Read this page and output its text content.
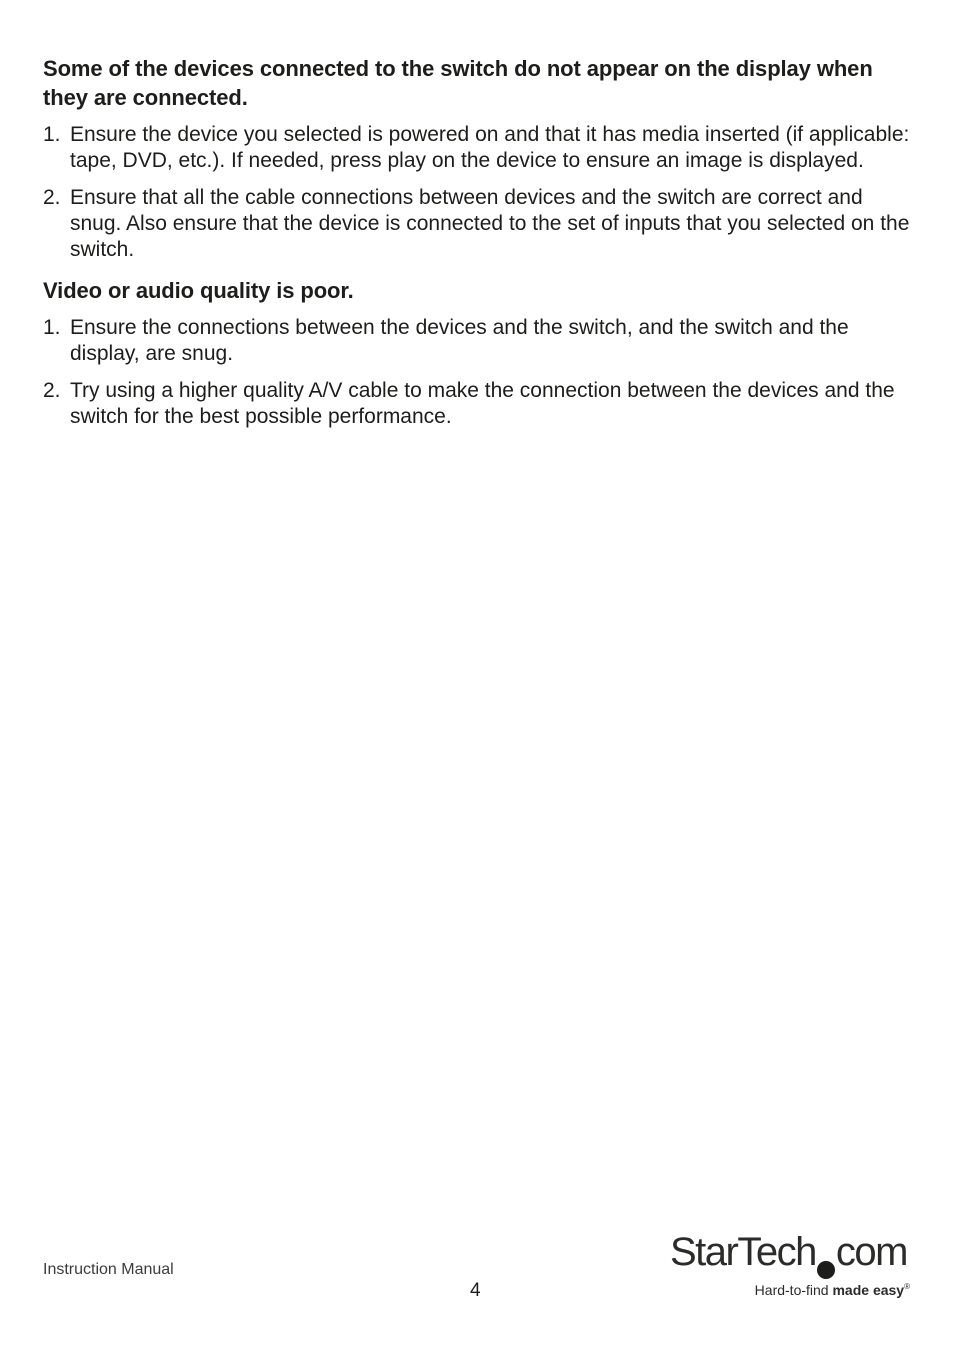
Some of the devices connected to the switch do not appear on the display when they are connected.
1. Ensure the device you selected is powered on and that it has media inserted (if applicable: tape, DVD, etc.). If needed, press play on the device to ensure an image is displayed.
2. Ensure that all the cable connections between devices and the switch are correct and snug. Also ensure that the device is connected to the set of inputs that you selected on the switch.
Video or audio quality is poor.
1. Ensure the connections between the devices and the switch, and the switch and the display, are snug.
2. Try using a higher quality A/V cable to make the connection between the devices and the switch for the best possible performance.
Instruction Manual
4
StarTech com
Hard-to-find made easy®
